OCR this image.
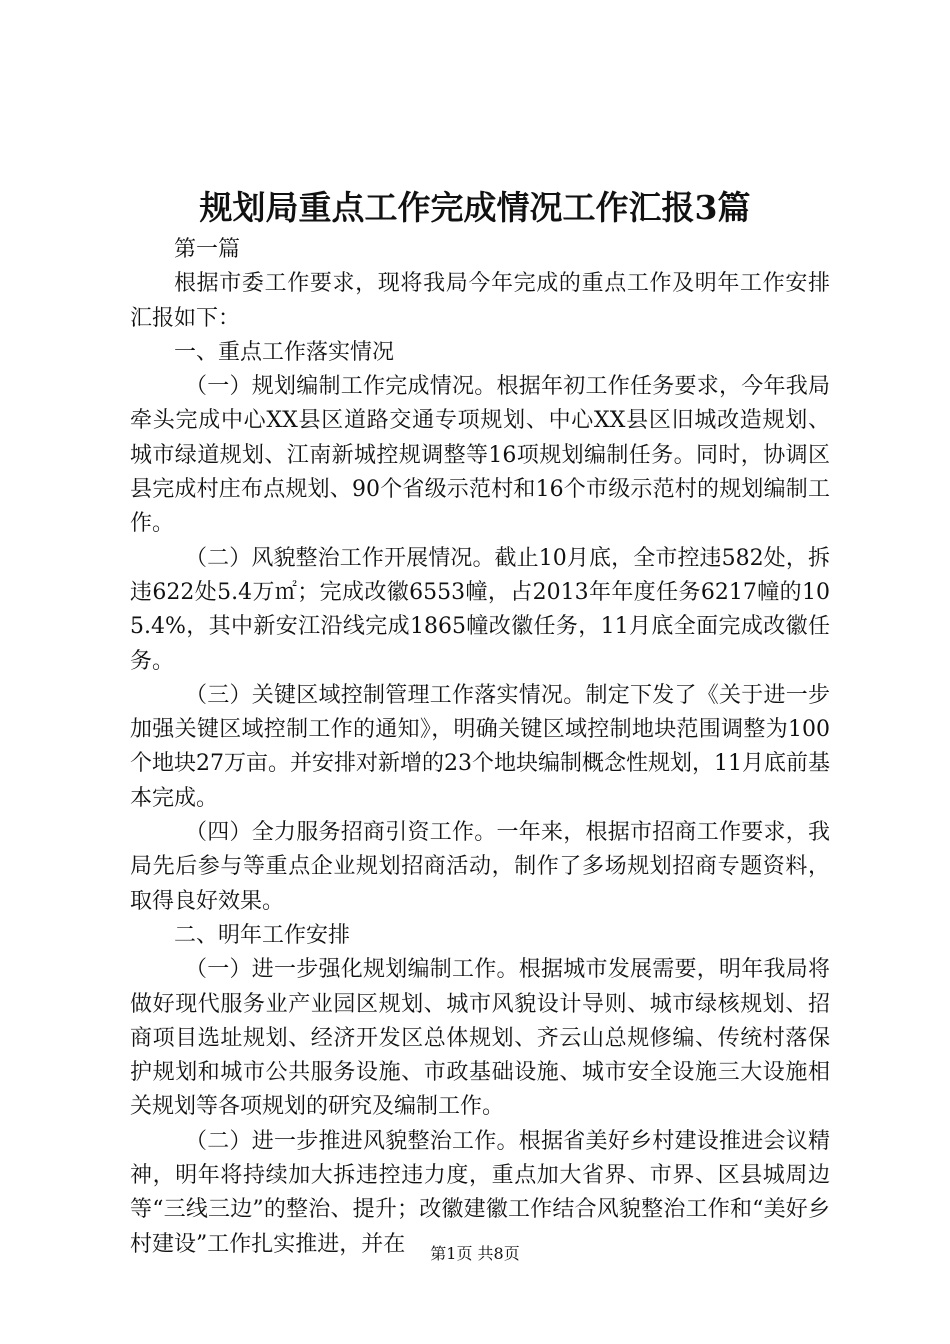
规划局重点工作完成情况工作汇报3篇

第一篇

根据市委工作要求，现将我局今年完成的重点工作及明年工作安排汇报如下：

一、重点工作落实情况

（一）规划编制工作完成情况。根据年初工作任务要求，今年我局牵头完成中心XX县区道路交通专项规划、中心XX县区旧城改造规划、城市绿道规划、江南新城控规调整等16项规划编制任务。同时，协调区县完成村庄布点规划、90个省级示范村和16个市级示范村的规划编制工作。

（二）风貌整治工作开展情况。截止10月底，全市控违582处，拆违622处5.4万㎡；完成改徽6553幢，占2013年年度任务6217幢的105.4%，其中新安江沿线完成1865幢改徽任务，11月底全面完成改徽任务。

（三）关键区域控制管理工作落实情况。制定下发了《关于进一步加强关键区域控制工作的通知》，明确关键区域控制地块范围调整为100个地块27万亩。并安排对新增的23个地块编制概念性规划，11月底前基本完成。

（四）全力服务招商引资工作。一年来，根据市招商工作要求，我局先后参与等重点企业规划招商活动，制作了多场规划招商专题资料，取得良好效果。

二、明年工作安排

（一）进一步强化规划编制工作。根据城市发展需要，明年我局将做好现代服务业产业园区规划、城市风貌设计导则、城市绿核规划、招商项目选址规划、经济开发区总体规划、齐云山总规修编、传统村落保护规划和城市公共服务设施、市政基础设施、城市安全设施三大设施相关规划等各项规划的研究及编制工作。

（二）进一步推进风貌整治工作。根据省美好乡村建设推进会议精神，明年将持续加大拆违控违力度，重点加大省界、市界、区县城周边等“三线三边”的整治、提升；改徽建徽工作结合风貌整治工作和“美好乡村建设”工作扎实推进，并在	第1页 共8页
